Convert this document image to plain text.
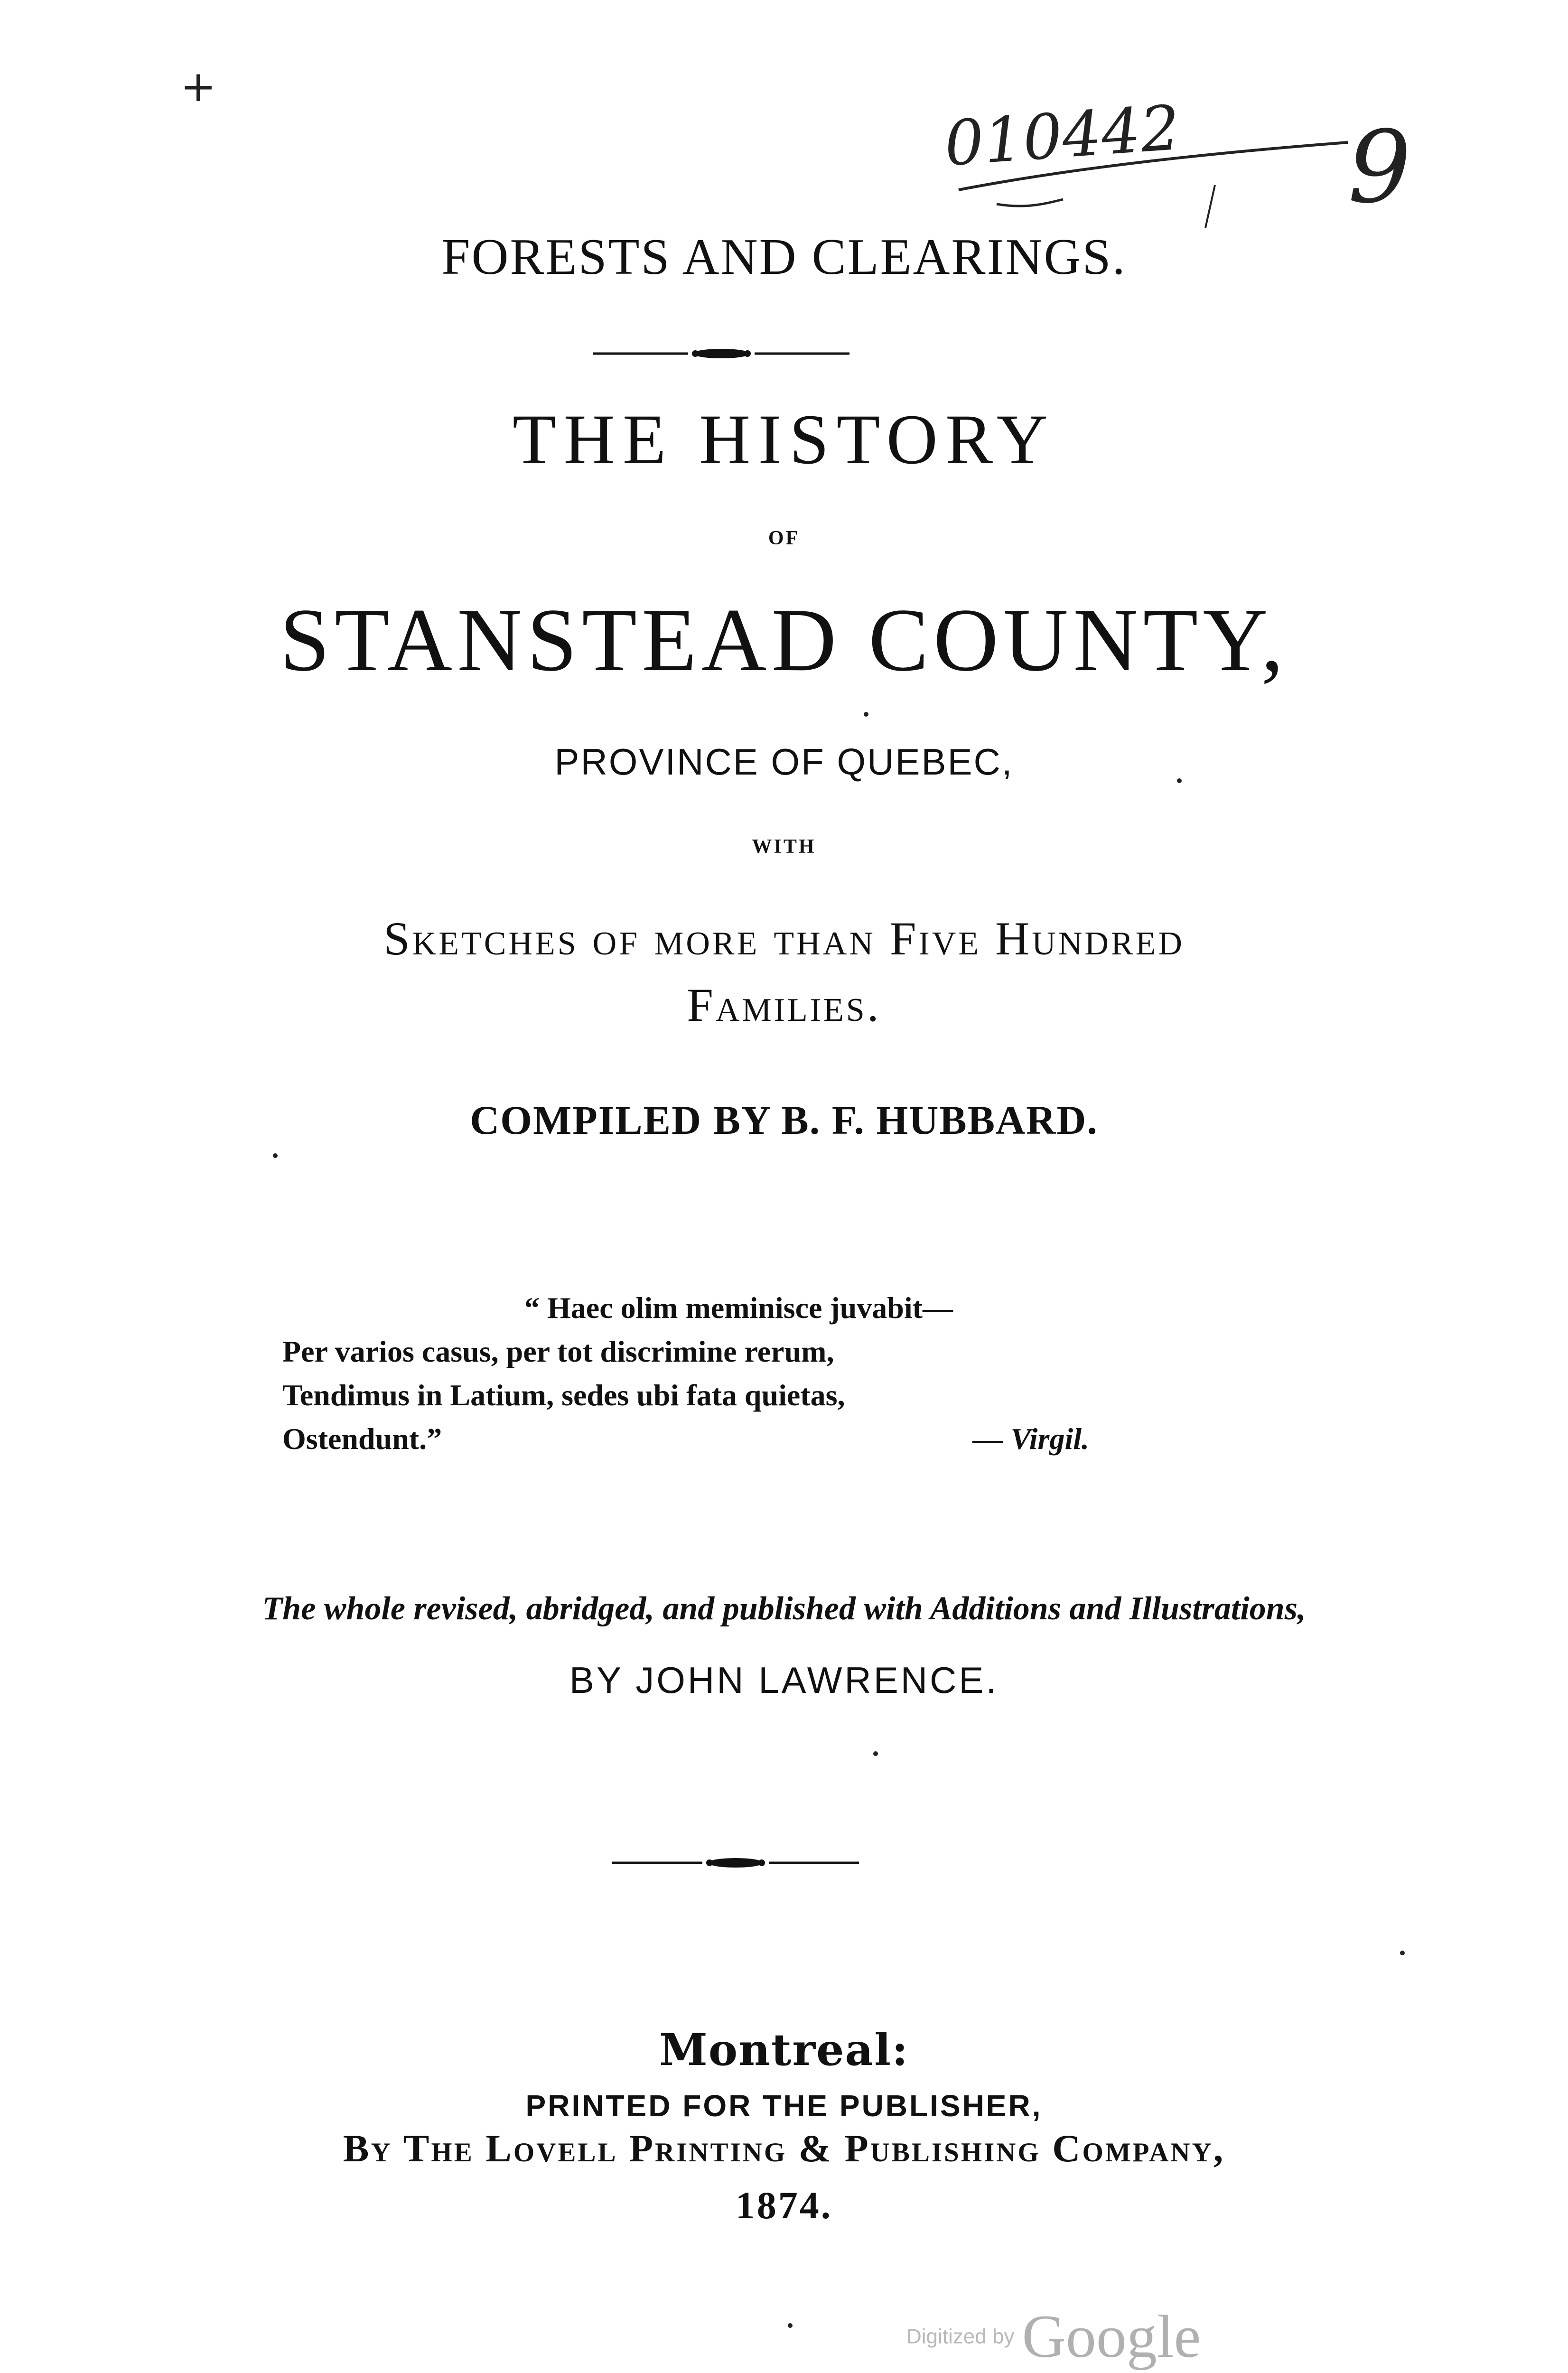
+
010442 9
FORESTS AND CLEARINGS.
THE HISTORY
OF
STANSTEAD COUNTY,
PROVINCE OF QUEBEC,
WITH
Sketches of more than Five Hundred
Families.
COMPILED BY B. F. HUBBARD.
“ Haec olim meminisce juvabit—
Per varios casus, per tot discrimine rerum,
Tendimus in Latium, sedes ubi fata quietas,
Ostendunt.”	— Virgil.
The whole revised, abridged, and published with Additions and Illustrations,
BY JOHN LAWRENCE.
Montreal:
PRINTED FOR THE PUBLISHER,
By The Lovell Printing & Publishing Company,
1874.
Digitized by Google
